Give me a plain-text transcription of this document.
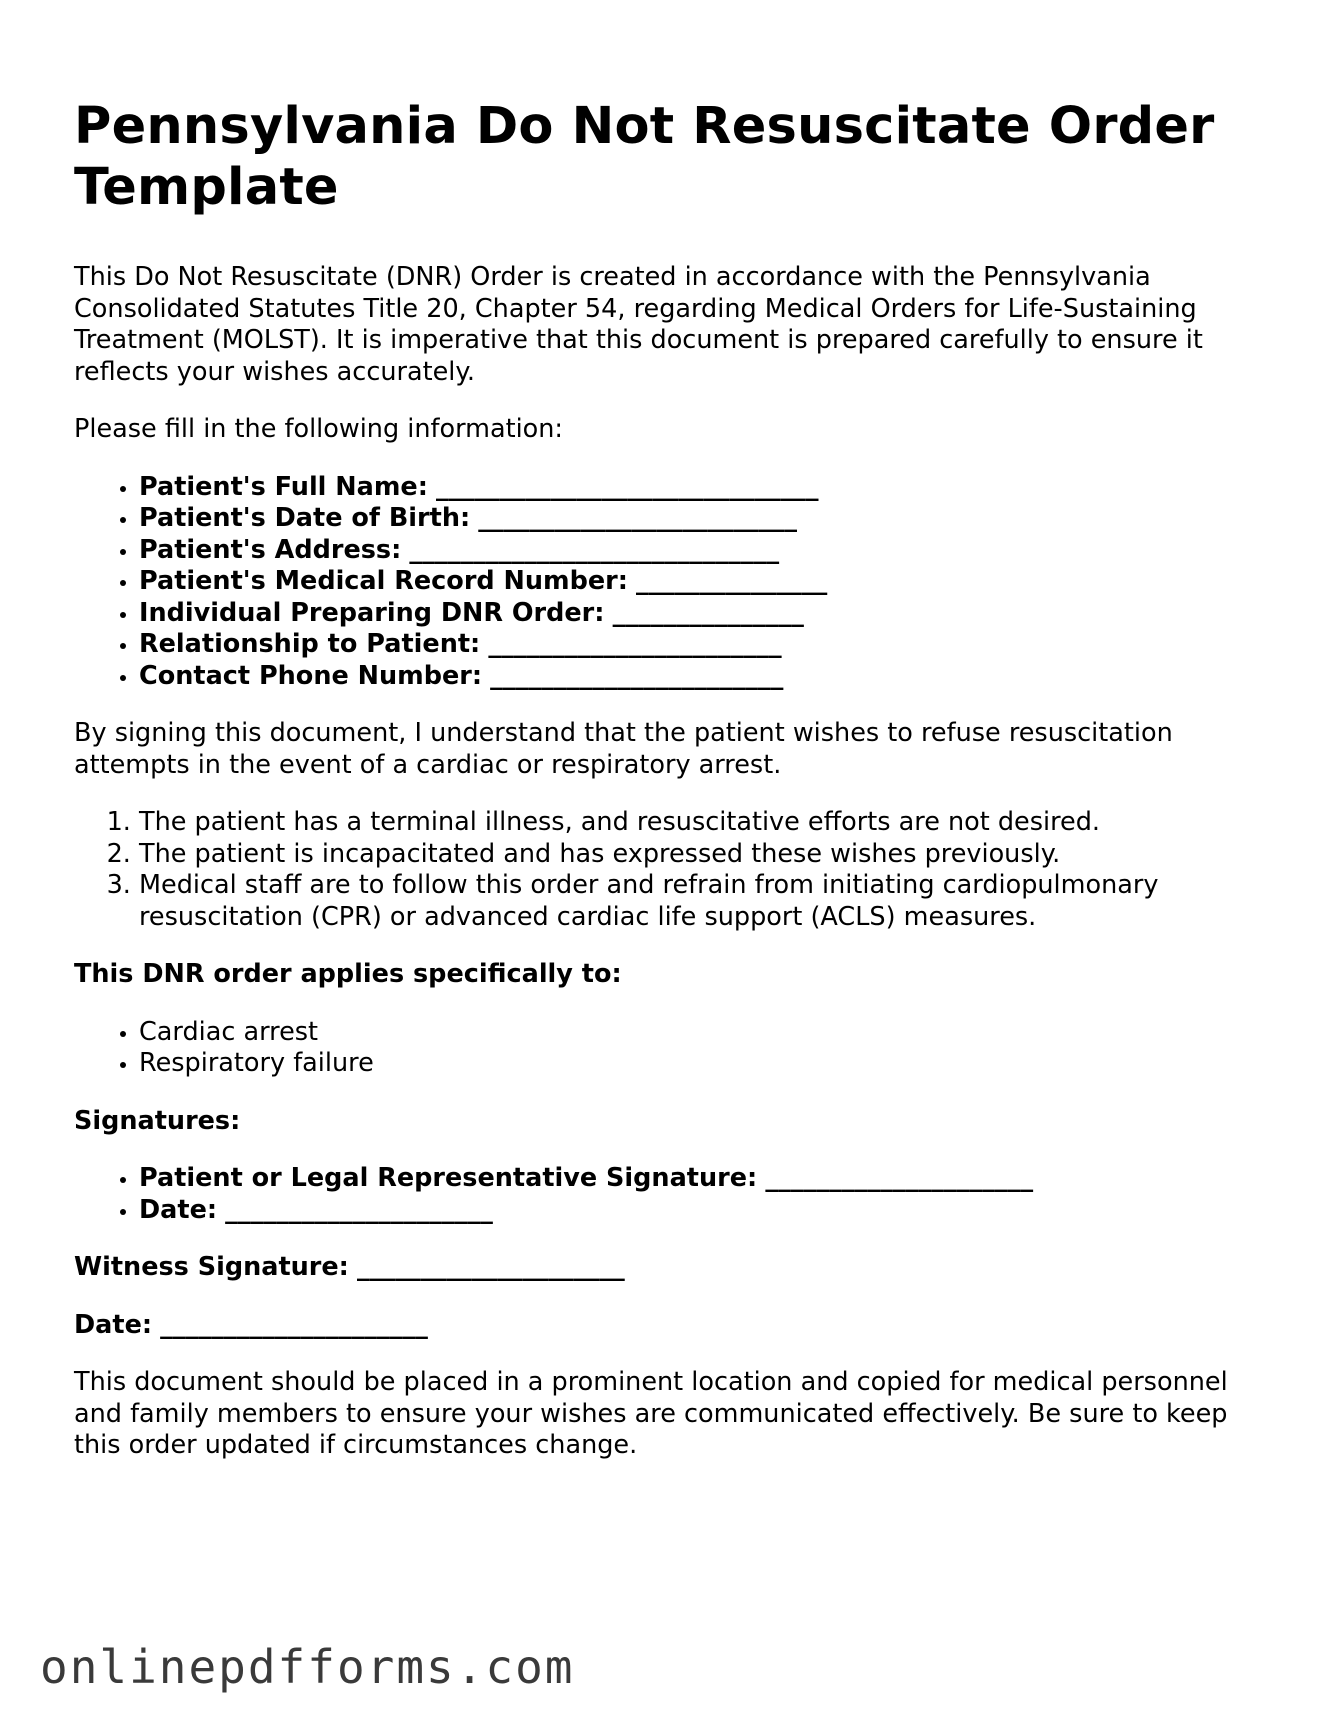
Pennsylvania Do Not Resuscitate Order Template

This Do Not Resuscitate (DNR) Order is created in accordance with the Pennsylvania Consolidated Statutes Title 20, Chapter 54, regarding Medical Orders for Life-Sustaining Treatment (MOLST). It is imperative that this document is prepared carefully to ensure it reflects your wishes accurately.

Please fill in the following information:

• Patient's Full Name: ______________________________
• Patient's Date of Birth: _________________________
• Patient's Address: _____________________________
• Patient's Medical Record Number: _______________
• Individual Preparing DNR Order: _______________
• Relationship to Patient: _______________________
• Contact Phone Number: _______________________

By signing this document, I understand that the patient wishes to refuse resuscitation attempts in the event of a cardiac or respiratory arrest.

1. The patient has a terminal illness, and resuscitative efforts are not desired.
2. The patient is incapacitated and has expressed these wishes previously.
3. Medical staff are to follow this order and refrain from initiating cardiopulmonary resuscitation (CPR) or advanced cardiac life support (ACLS) measures.

This DNR order applies specifically to:

• Cardiac arrest
• Respiratory failure

Signatures:

• Patient or Legal Representative Signature: _____________________
• Date: _____________________

Witness Signature: _____________________

Date: _____________________

This document should be placed in a prominent location and copied for medical personnel and family members to ensure your wishes are communicated effectively. Be sure to keep this order updated if circumstances change.

onlinepdfforms.com
